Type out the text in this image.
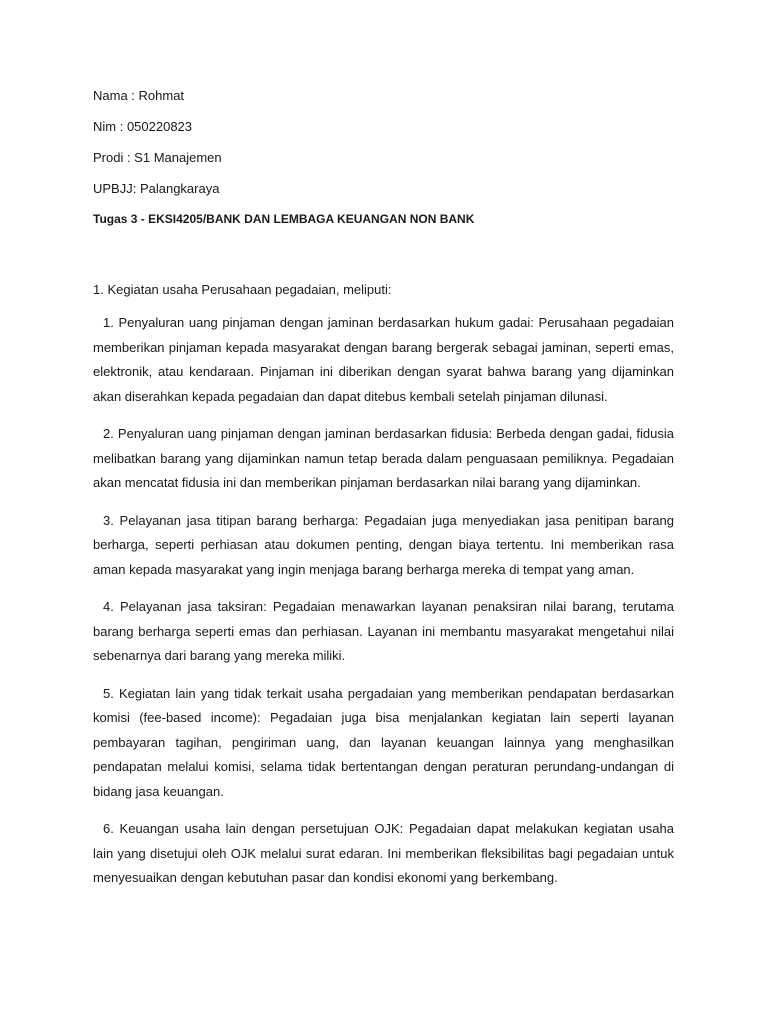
Nama : Rohmat

Nim : 050220823

Prodi : S1 Manajemen

UPBJJ: Palangkaraya

Tugas 3 - EKSI4205/BANK DAN LEMBAGA KEUANGAN NON BANK

1. Kegiatan usaha Perusahaan pegadaian, meliputi:

1. Penyaluran uang pinjaman dengan jaminan berdasarkan hukum gadai: Perusahaan pegadaian memberikan pinjaman kepada masyarakat dengan barang bergerak sebagai jaminan, seperti emas, elektronik, atau kendaraan. Pinjaman ini diberikan dengan syarat bahwa barang yang dijaminkan akan diserahkan kepada pegadaian dan dapat ditebus kembali setelah pinjaman dilunasi.

2. Penyaluran uang pinjaman dengan jaminan berdasarkan fidusia: Berbeda dengan gadai, fidusia melibatkan barang yang dijaminkan namun tetap berada dalam penguasaan pemiliknya. Pegadaian akan mencatat fidusia ini dan memberikan pinjaman berdasarkan nilai barang yang dijaminkan.

3. Pelayanan jasa titipan barang berharga: Pegadaian juga menyediakan jasa penitipan barang berharga, seperti perhiasan atau dokumen penting, dengan biaya tertentu. Ini memberikan rasa aman kepada masyarakat yang ingin menjaga barang berharga mereka di tempat yang aman.

4. Pelayanan jasa taksiran: Pegadaian menawarkan layanan penaksiran nilai barang, terutama barang berharga seperti emas dan perhiasan. Layanan ini membantu masyarakat mengetahui nilai sebenarnya dari barang yang mereka miliki.

5. Kegiatan lain yang tidak terkait usaha pergadaian yang memberikan pendapatan berdasarkan komisi (fee-based income): Pegadaian juga bisa menjalankan kegiatan lain seperti layanan pembayaran tagihan, pengiriman uang, dan layanan keuangan lainnya yang menghasilkan pendapatan melalui komisi, selama tidak bertentangan dengan peraturan perundang-undangan di bidang jasa keuangan.

6. Keuangan usaha lain dengan persetujuan OJK: Pegadaian dapat melakukan kegiatan usaha lain yang disetujui oleh OJK melalui surat edaran. Ini memberikan fleksibilitas bagi pegadaian untuk menyesuaikan dengan kebutuhan pasar dan kondisi ekonomi yang berkembang.
